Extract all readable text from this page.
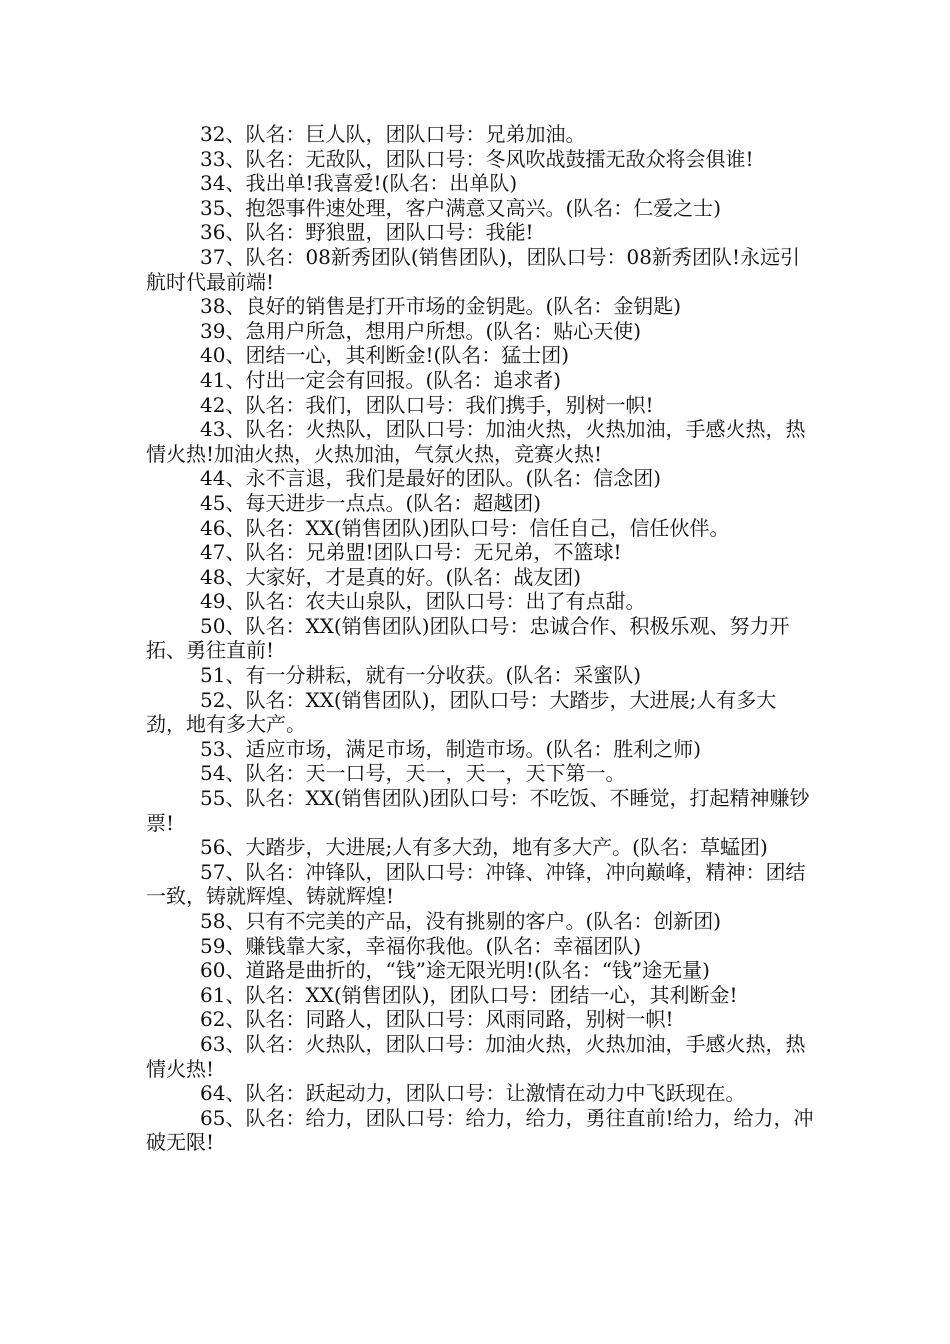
32、队名：巨人队，团队口号：兄弟加油。

33、队名：无敌队，团队口号：冬风吹战鼓擂无敌众将会俱谁!

34、我出单!我喜爱!(队名：出单队)

35、抱怨事件速处理，客户满意又高兴。(队名：仁爱之士)

36、队名：野狼盟，团队口号：我能!

37、队名：08新秀团队(销售团队)，团队口号：08新秀团队!永远引航时代最前端!

38、良好的销售是打开市场的金钥匙。(队名：金钥匙)

39、急用户所急，想用户所想。(队名：贴心天使)

40、团结一心，其利断金!(队名：猛士团)

41、付出一定会有回报。(队名：追求者)

42、队名：我们，团队口号：我们携手，别树一帜!

43、队名：火热队，团队口号：加油火热，火热加油，手感火热，热情火热!加油火热，火热加油，气氛火热，竞赛火热!

44、永不言退，我们是最好的团队。(队名：信念团)

45、每天进步一点点。(队名：超越团)

46、队名：XX(销售团队)团队口号：信任自己，信任伙伴。

47、队名：兄弟盟!团队口号：无兄弟，不篮球!

48、大家好，才是真的好。(队名：战友团)

49、队名：农夫山泉队，团队口号：出了有点甜。

50、队名：XX(销售团队)团队口号：忠诚合作、积极乐观、努力开拓、勇往直前!

51、有一分耕耘，就有一分收获。(队名：采蜜队)

52、队名：XX(销售团队)，团队口号：大踏步，大进展;人有多大劲，地有多大产。

53、适应市场，满足市场，制造市场。(队名：胜利之师)

54、队名：天一口号，天一，天一，天下第一。

55、队名：XX(销售团队)团队口号：不吃饭、不睡觉，打起精神赚钞票!

56、大踏步，大进展;人有多大劲，地有多大产。(队名：草蜢团)

57、队名：冲锋队，团队口号：冲锋、冲锋，冲向巅峰，精神：团结一致，铸就辉煌、铸就辉煌!

58、只有不完美的产品，没有挑剔的客户。(队名：创新团)

59、赚钱靠大家，幸福你我他。(队名：幸福团队)

60、道路是曲折的，“钱”途无限光明!(队名：“钱”途无量)

61、队名：XX(销售团队)，团队口号：团结一心，其利断金!

62、队名：同路人，团队口号：风雨同路，别树一帜!

63、队名：火热队，团队口号：加油火热，火热加油，手感火热，热情火热!

64、队名：跃起动力，团队口号：让激情在动力中飞跃现在。

65、队名：给力，团队口号：给力，给力，勇往直前!给力，给力，冲破无限!
